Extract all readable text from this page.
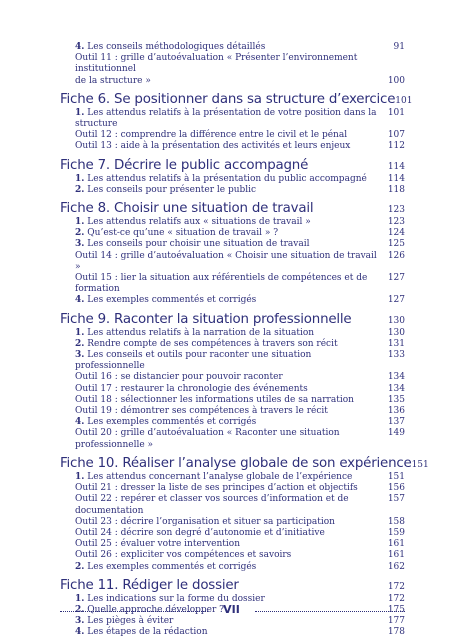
4. Les conseils méthodologiques détaillés	91
Outil 11 : grille d’autoévaluation « Présenter l’environnement institutionnel
de la structure »	100
Fiche 6. Se positionner dans sa structure d’exercice 101
1. Les attendus relatifs à la présentation de votre position dans la structure
101
Outil 12 : comprendre la différence entre le civil et le pénal	107
Outil 13 : aide à la présentation des activités et leurs enjeux	112
Fiche 7. Décrire le public accompagné	114
1. Les attendus relatifs à la présentation du public accompagné	114
2. Les conseils pour présenter le public	118
Fiche 8. Choisir une situation de travail	123
1. Les attendus relatifs aux « situations de travail »	123
2. Qu’est-ce qu’une « situation de travail » ?	124
3. Les conseils pour choisir une situation de travail	125
Outil 14 : grille d’autoévaluation « Choisir une situation de travail »
126
Outil 15 : lier la situation aux référentiels de compétences et de formation
127
4. Les exemples commentés et corrigés	127
Fiche 9. Raconter la situation professionnelle	130
1. Les attendus relatifs à la narration de la situation	130
2. Rendre compte de ses compétences à travers son récit	131
3. Les conseils et outils pour raconter une situation professionnelle
133
Outil 16 : se distancier pour pouvoir raconter	134
Outil 17 : restaurer la chronologie des événements	134
Outil 18 : sélectionner les informations utiles de sa narration	135
Outil 19 : démontrer ses compétences à travers le récit	136
4. Les exemples commentés et corrigés	137
Outil 20 : grille d’autoévaluation « Raconter une situation professionnelle »
149
Fiche 10. Réaliser l’analyse globale de son expérience 151
1. Les attendus concernant l’analyse globale de l’expérience	151
Outil 21 : dresser la liste de ses principes d’action et objectifs	156
Outil 22 : repérer et classer vos sources d’information et de documentation
157
Outil 23 : décrire l’organisation et situer sa participation	158
Outil 24 : décrire son degré d’autonomie et d’initiative	159
Outil 25 : évaluer votre intervention	161
Outil 26 : expliciter vos compétences et savoirs	161
2. Les exemples commentés et corrigés	162
Fiche 11. Rédiger le dossier	172
1. Les indications sur la forme du dossier	172
2. Quelle approche développer ?	175
3. Les pièges à éviter	177
4. Les étapes de la rédaction	178
VII
